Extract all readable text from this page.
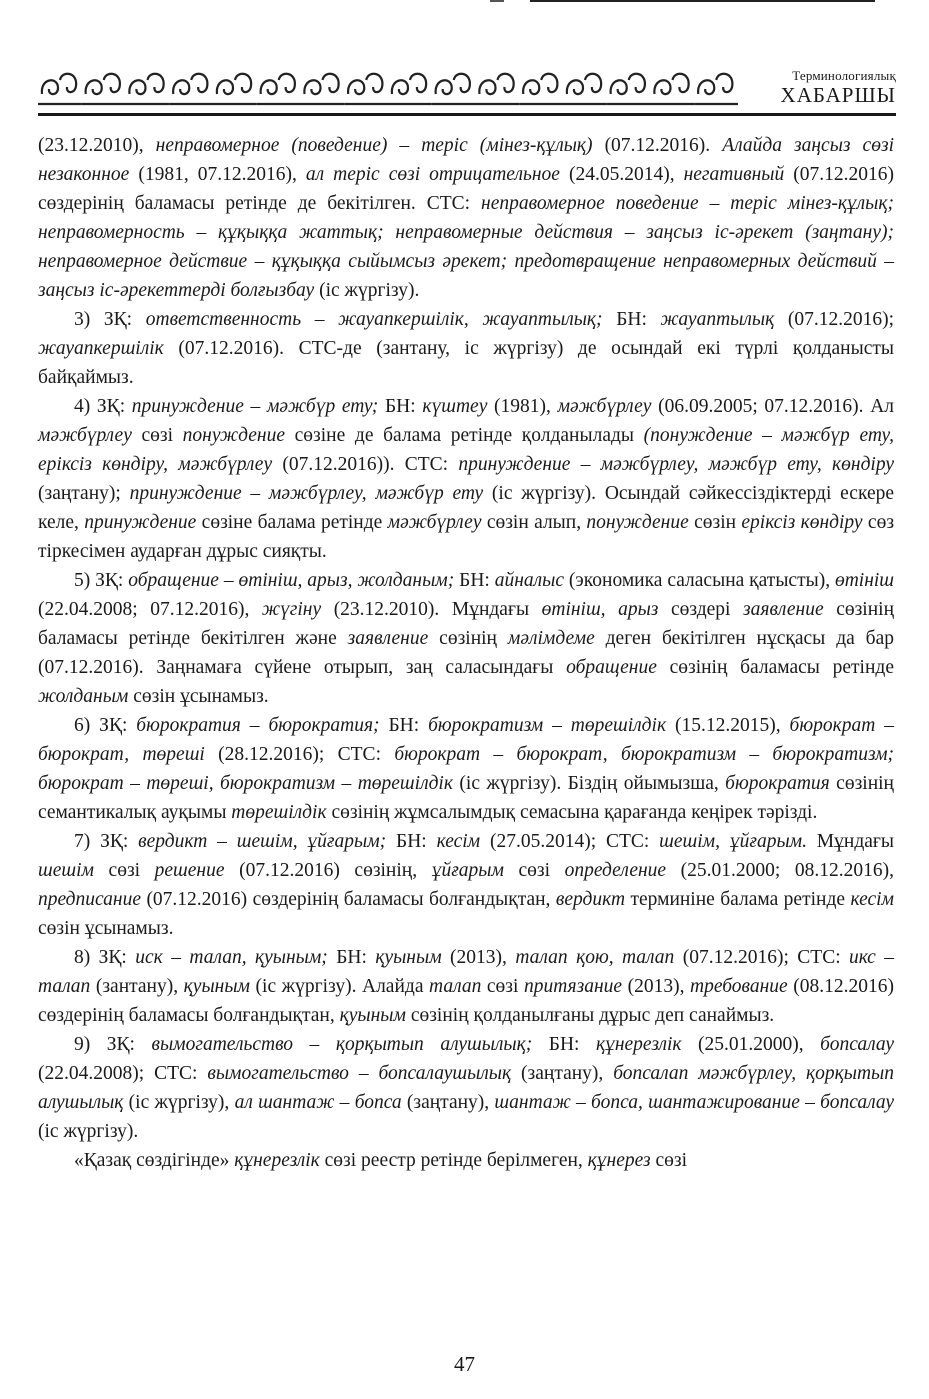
Терминологиялық
ХАБАРШЫ

(23.12.2010), неправомерное (поведение) – теріс (мінез-құлық) (07.12.2016). Алайда заңсыз сөзі незаконное (1981, 07.12.2016), ал теріс сөзі отрицательное (24.05.2014), негативный (07.12.2016) сөздерінің баламасы ретінде де бекітілген. СТС: неправомерное поведение – теріс мінез-құлық; неправомерность – құқыққа жаттық; неправомерные действия – заңсыз іс-әрекет (заңтану); неправомерное действие – құқыққа сыйымсыз әрекет; предотвращение неправомерных действий – заңсыз іс-әрекеттерді болғызбау (іс жүргізу).

3) ЗҚ: ответственность – жауапкершілік, жауаптылық; БН: жауаптылық (07.12.2016); жауапкершілік (07.12.2016). СТС-де (зантану, іс жүргізу) де осындай екі түрлі қолданысты байқаймыз.

4) ЗҚ: принуждение – мәжбүр ету; БН: күштеу (1981), мәжбүрлеу (06.09.2005; 07.12.2016). Ал мәжбүрлеу сөзі понуждение сөзіне де балама ретінде қолданылады (понуждение – мәжбүр ету, еріксіз көндіру, мәжбүрлеу (07.12.2016)). СТС: принуждение – мәжбүрлеу, мәжбүр ету, көндіру (заңтану); принуждение – мәжбүрлеу, мәжбүр ету (іс жүргізу). Осындай сәйкессіздіктерді ескере келе, принуждение сөзіне балама ретінде мәжбүрлеу сөзін алып, понуждение сөзін еріксіз көндіру сөз тіркесімен аударған дұрыс сияқты.

5) ЗҚ: обращение – өтініш, арыз, жолданым; БН: айналыс (экономика саласына қатысты), өтініш (22.04.2008; 07.12.2016), жүгіну (23.12.2010). Мұндағы өтініш, арыз сөздері заявление сөзінің баламасы ретінде бекітілген және заявление сөзінің мәлімдеме деген бекітілген нұсқасы да бар (07.12.2016). Заңнамаға сүйене отырып, заң саласындағы обращение сөзінің баламасы ретінде жолданым сөзін ұсынамыз.

6) ЗҚ: бюрократия – бюрократия; БН: бюрократизм – төрешілдік (15.12.2015), бюрократ – бюрократ, төреші (28.12.2016); СТС: бюрократ – бюрократ, бюрократизм – бюрократизм; бюрократ – төреші, бюрократизм – төрешілдік (іс жүргізу). Біздің ойымызша, бюрократия сөзінің семантикалық ауқымы төрешілдік сөзінің жұмсалымдық семасына қарағанда кеңірек тәрізді.

7) ЗҚ: вердикт – шешім, ұйғарым; БН: кесім (27.05.2014); СТС: шешім, ұйғарым. Мұндағы шешім сөзі решение (07.12.2016) сөзінің, ұйғарым сөзі определение (25.01.2000; 08.12.2016), предписание (07.12.2016) сөздерінің баламасы болғандықтан, вердикт терминіне балама ретінде кесім сөзін ұсынамыз.

8) ЗҚ: иск – талап, қуыным; БН: қуыным (2013), талап қою, талап (07.12.2016); СТС: икс – талап (зантану), қуыным (іс жүргізу). Алайда талап сөзі притязание (2013), требование (08.12.2016) сөздерінің баламасы болғандықтан, қуыным сөзінің қолданылғаны дұрыс деп санаймыз.

9) ЗҚ: вымогательство – қорқытып алушылық; БН: құнерезлік (25.01.2000), бопсалау (22.04.2008); СТС: вымогательство – бопсалаушылық (заңтану), бопсалап мәжбүрлеу, қорқытып алушылық (іс жүргізу), ал шантаж – бопса (заңтану), шантаж – бопса, шантажирование – бопсалау (іс жүргізу).

«Қазақ сөздігінде» құнерезлік сөзі реестр ретінде берілмеген, құнерез сөзі

47
